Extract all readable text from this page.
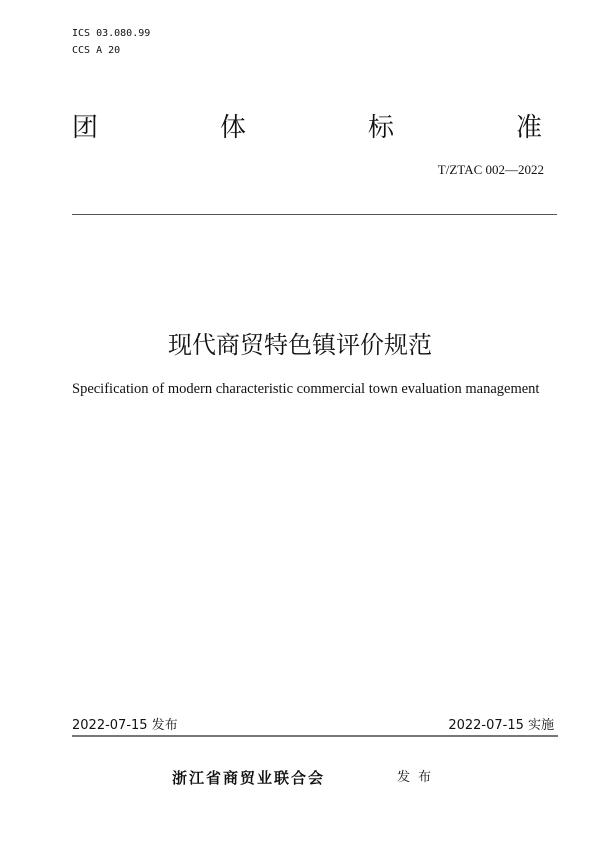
ICS 03.080.99
CCS A 20
团	体	标	准
T/ZTAC 002—2022
现代商贸特色镇评价规范
Specification of modern characteristic commercial town evaluation management
2022-07-15 发布	2022-07-15 实施
浙江省商贸业联合会	发布
